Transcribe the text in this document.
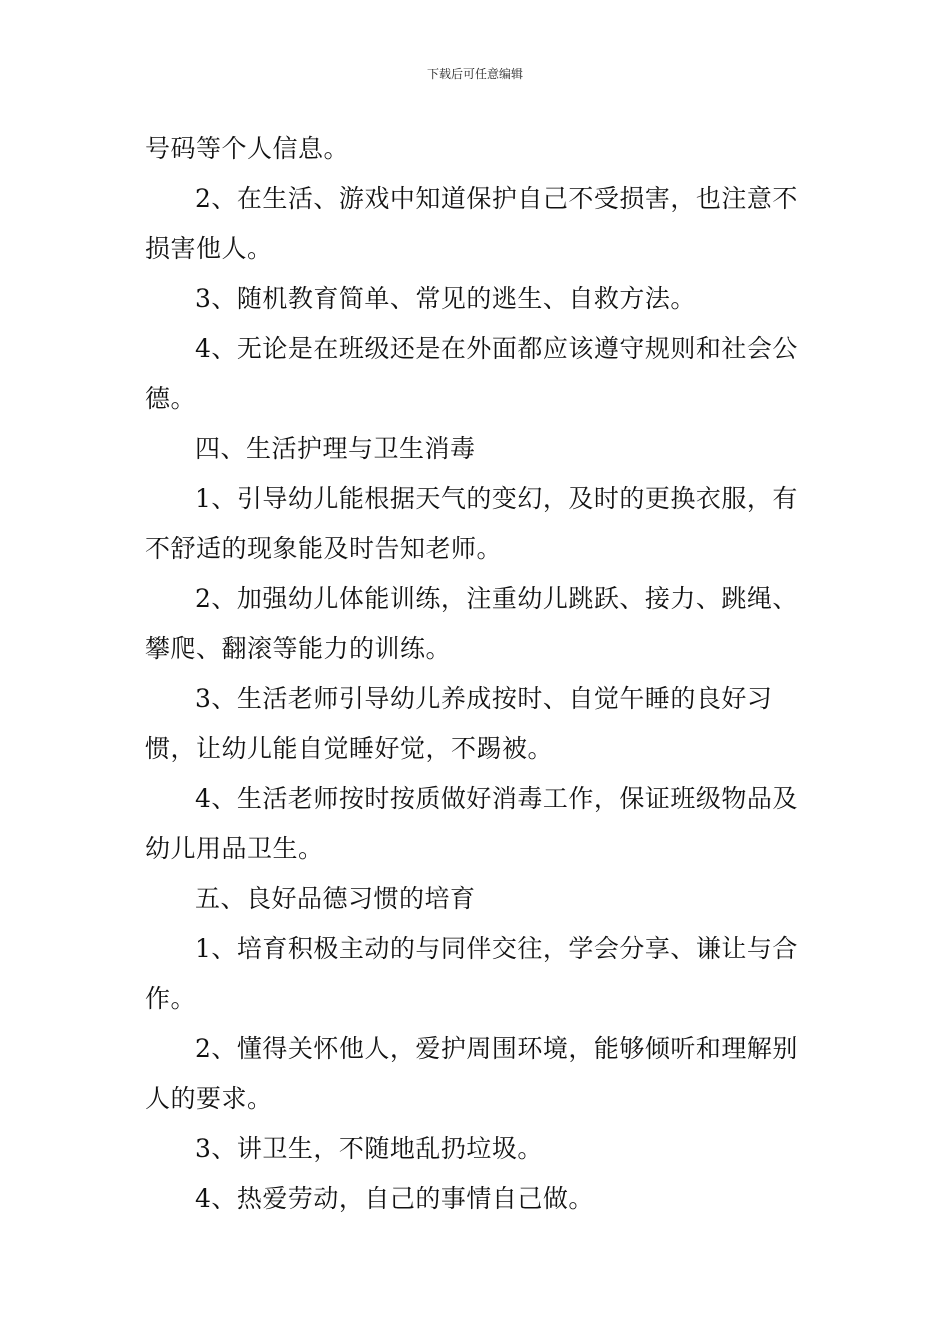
下载后可任意编辑

号码等个人信息。

2、在生活、游戏中知道保护自己不受损害，也注意不损害他人。

3、随机教育简单、常见的逃生、自救方法。

4、无论是在班级还是在外面都应该遵守规则和社会公德。

四、生活护理与卫生消毒

1、引导幼儿能根据天气的变幻，及时的更换衣服，有不舒适的现象能及时告知老师。

2、加强幼儿体能训练，注重幼儿跳跃、接力、跳绳、攀爬、翻滚等能力的训练。

3、生活老师引导幼儿养成按时、自觉午睡的良好习惯，让幼儿能自觉睡好觉，不踢被。

4、生活老师按时按质做好消毒工作，保证班级物品及幼儿用品卫生。

五、良好品德习惯的培育

1、培育积极主动的与同伴交往，学会分享、谦让与合作。

2、懂得关怀他人，爱护周围环境，能够倾听和理解别人的要求。

3、讲卫生，不随地乱扔垃圾。

4、热爱劳动，自己的事情自己做。
